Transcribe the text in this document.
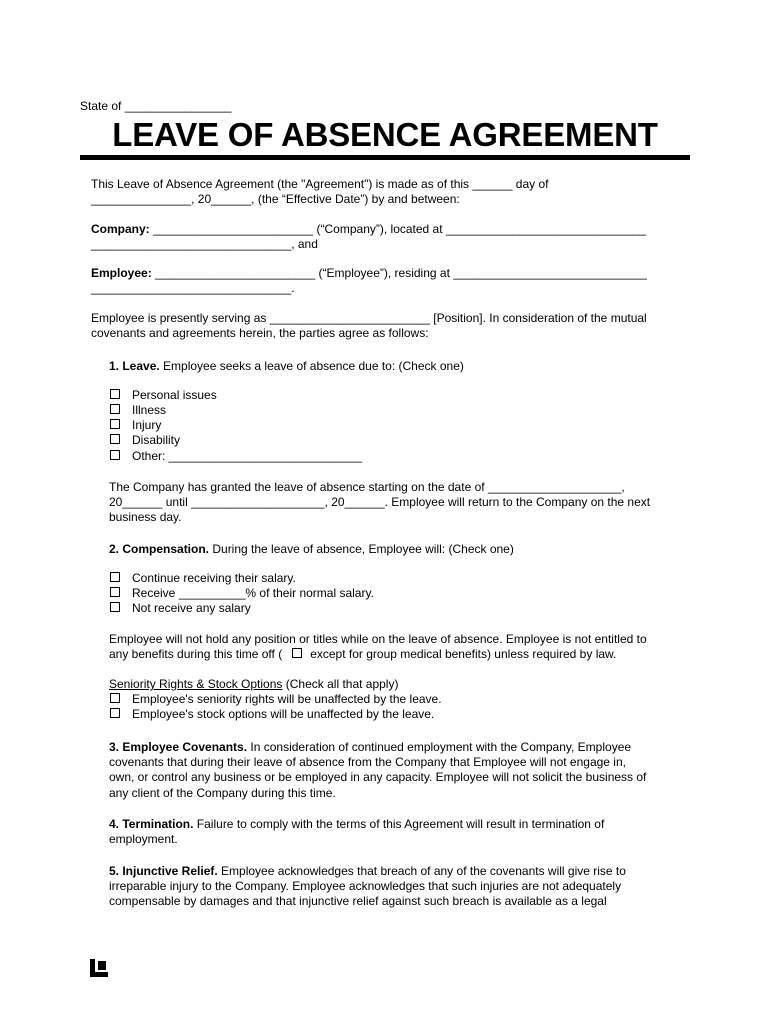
State of ________________
LEAVE OF ABSENCE AGREEMENT
This Leave of Absence Agreement (the "Agreement") is made as of this ______ day of
_______________, 20______, (the “Effective Date”) by and between:
Company: ________________________ (“Company”), located at ______________________________
______________________________, and
Employee: ________________________ (“Employee”), residing at _____________________________
______________________________.
Employee is presently serving as ________________________ [Position]. In consideration of the mutual
covenants and agreements herein, the parties agree as follows:
1. Leave. Employee seeks a leave of absence due to: (Check one)
Personal issues
Illness
Injury
Disability
Other: _____________________________
The Company has granted the leave of absence starting on the date of ____________________,
20______ until ____________________, 20______. Employee will return to the Company on the next
business day.
2. Compensation. During the leave of absence, Employee will: (Check one)
Continue receiving their salary.
Receive __________% of their normal salary.
Not receive any salary
Employee will not hold any position or titles while on the leave of absence. Employee is not entitled to
any benefits during this time off ( except for group medical benefits) unless required by law.
Seniority Rights & Stock Options (Check all that apply)
Employee's seniority rights will be unaffected by the leave.
Employee's stock options will be unaffected by the leave.
3. Employee Covenants. In consideration of continued employment with the Company, Employee
covenants that during their leave of absence from the Company that Employee will not engage in,
own, or control any business or be employed in any capacity. Employee will not solicit the business of
any client of the Company during this time.
4. Termination. Failure to comply with the terms of this Agreement will result in termination of
employment.
5. Injunctive Relief. Employee acknowledges that breach of any of the covenants will give rise to
irreparable injury to the Company. Employee acknowledges that such injuries are not adequately
compensable by damages and that injunctive relief against such breach is available as a legal
